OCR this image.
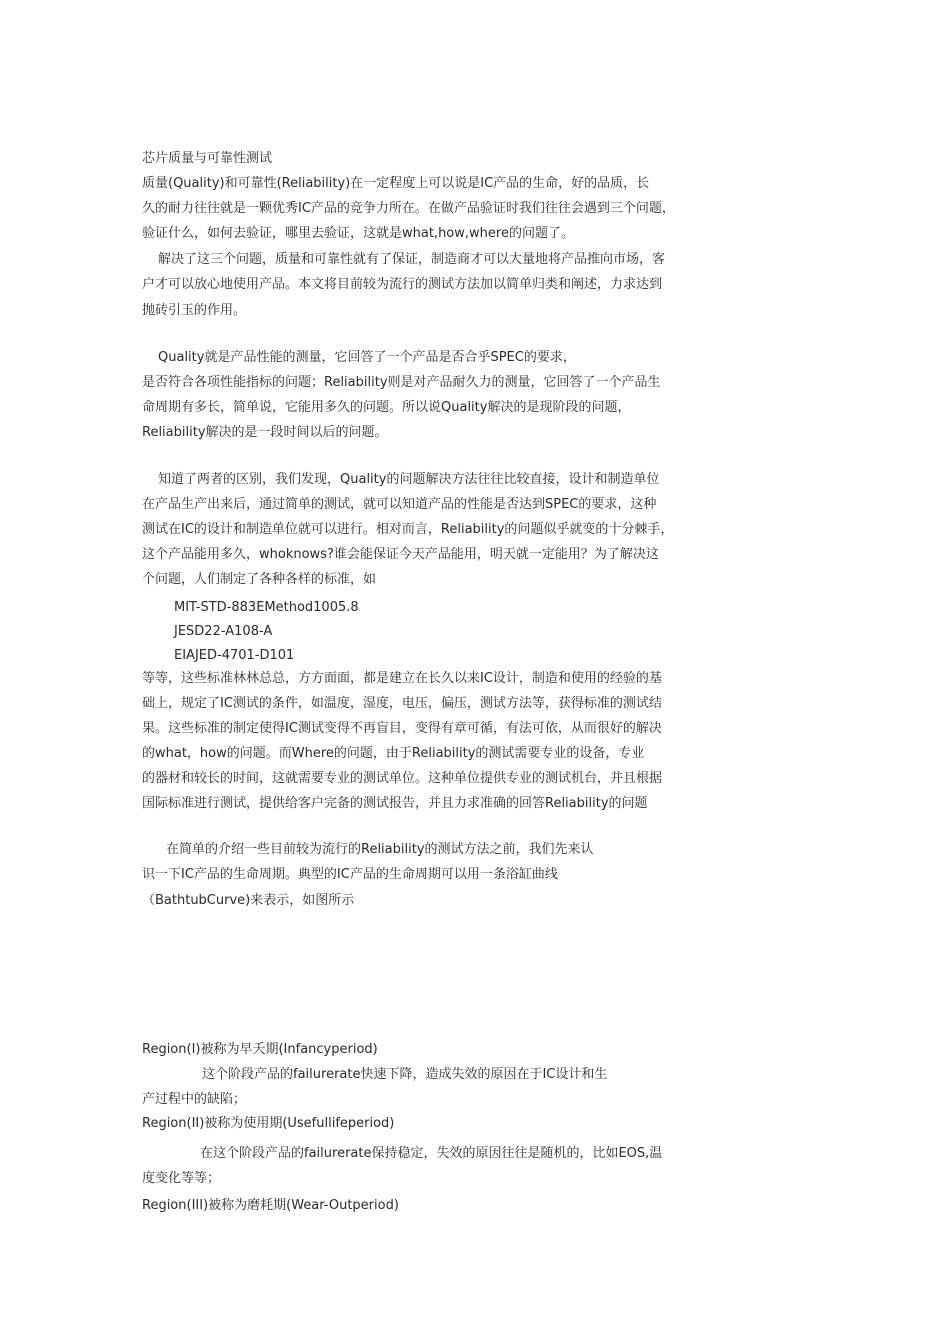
芯片质量与可靠性测试
质量(Quality)和可靠性(Reliability)在一定程度上可以说是IC产品的生命，好的品质，长
久的耐力往往就是一颗优秀IC产品的竞争力所在。在做产品验证时我们往往会遇到三个问题，
验证什么，如何去验证，哪里去验证，这就是what,how,where的问题了。
解决了这三个问题，质量和可靠性就有了保证，制造商才可以大量地将产品推向市场，客
户才可以放心地使用产品。本文将目前较为流行的测试方法加以简单归类和阐述，力求达到
抛砖引玉的作用。
Quality就是产品性能的测量，它回答了一个产品是否合乎SPEC的要求，
是否符合各项性能指标的问题；Reliability则是对产品耐久力的测量，它回答了一个产品生
命周期有多长，简单说，它能用多久的问题。所以说Quality解决的是现阶段的问题，
Reliability解决的是一段时间以后的问题。
知道了两者的区别，我们发现，Quality的问题解决方法往往比较直接，设计和制造单位
在产品生产出来后，通过简单的测试，就可以知道产品的性能是否达到SPEC的要求，这种
测试在IC的设计和制造单位就可以进行。相对而言，Reliability的问题似乎就变的十分棘手，
这个产品能用多久，whoknows?谁会能保证今天产品能用，明天就一定能用？为了解决这
个问题，人们制定了各种各样的标准，如
MIT-STD-883EMethod1005.8
JESD22-A108-A
EIAJED-4701-D101
等等，这些标准林林总总，方方面面，都是建立在长久以来IC设计，制造和使用的经验的基
础上，规定了IC测试的条件，如温度，湿度，电压，偏压，测试方法等，获得标准的测试结
果。这些标准的制定使得IC测试变得不再盲目，变得有章可循，有法可依，从而很好的解决
的what，how的问题。而Where的问题，由于Reliability的测试需要专业的设备，专业
的器材和较长的时间，这就需要专业的测试单位。这种单位提供专业的测试机台，并且根据
国际标准进行测试，提供给客户完备的测试报告，并且力求准确的回答Reliability的问题
在简单的介绍一些目前较为流行的Reliability的测试方法之前，我们先来认
识一下IC产品的生命周期。典型的IC产品的生命周期可以用一条浴缸曲线
（BathtubCurve)来表示，如图所示
Region(I)被称为早夭期(Infancyperiod)
这个阶段产品的failurerate快速下降，造成失效的原因在于IC设计和生
产过程中的缺陷；
Region(II)被称为使用期(Usefullifeperiod)
在这个阶段产品的failurerate保持稳定，失效的原因往往是随机的，比如EOS,温
度变化等等；
Region(III)被称为磨耗期(Wear-Outperiod)
